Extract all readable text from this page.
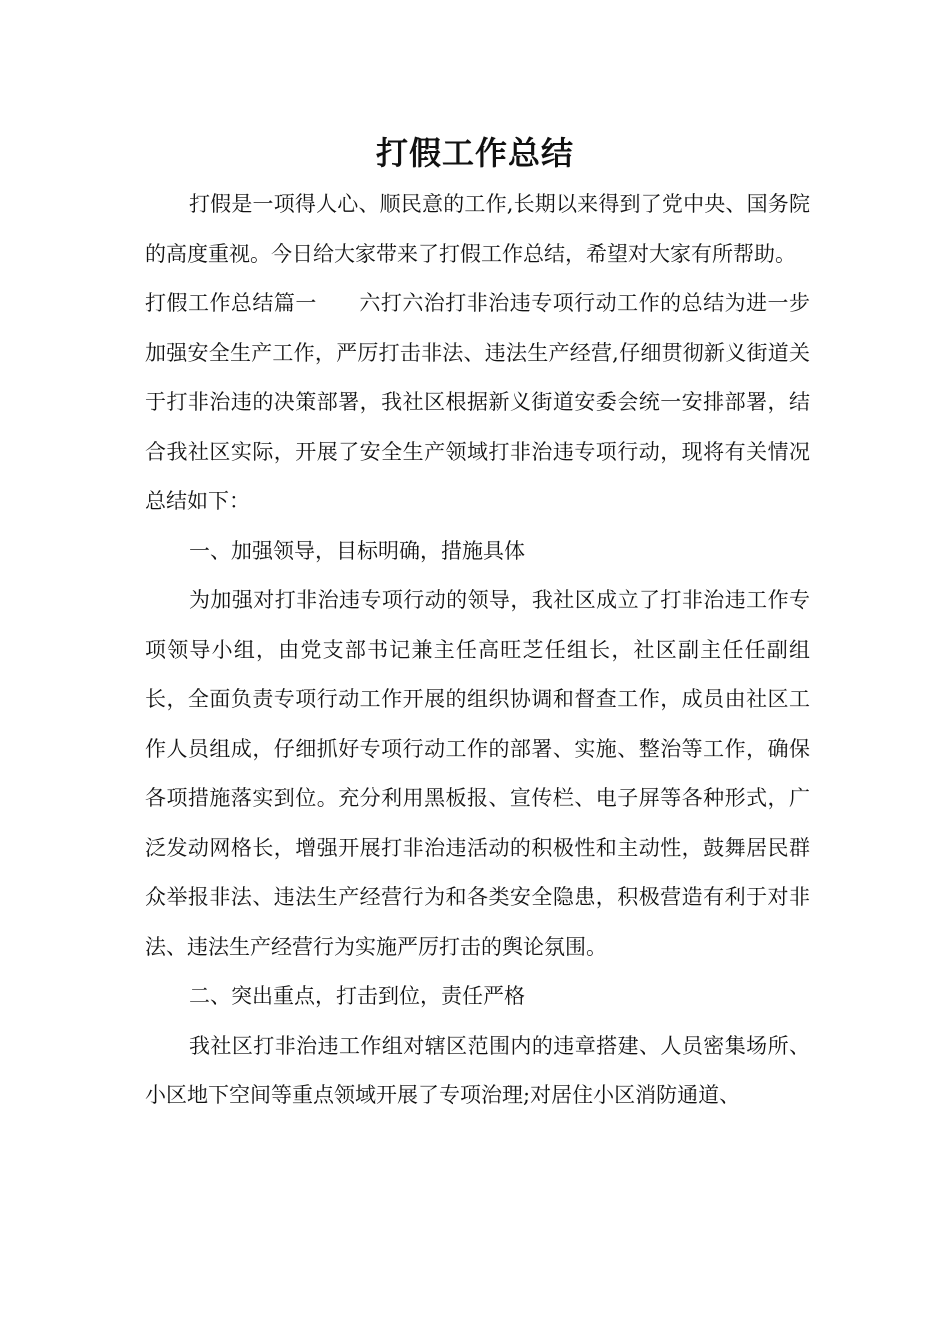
打假工作总结

打假是一项得人心、顺民意的工作,长期以来得到了党中央、国务院的高度重视。今日给大家带来了打假工作总结，希望对大家有所帮助。

打假工作总结篇一 六打六治打非治违专项行动工作的总结为进一步加强安全生产工作，严厉打击非法、违法生产经营,仔细贯彻新义街道关于打非治违的决策部署，我社区根据新义街道安委会统一安排部署，结合我社区实际，开展了安全生产领域打非治违专项行动，现将有关情况总结如下：

一、加强领导，目标明确，措施具体

为加强对打非治违专项行动的领导，我社区成立了打非治违工作专项领导小组，由党支部书记兼主任高旺芝任组长，社区副主任任副组长，全面负责专项行动工作开展的组织协调和督查工作，成员由社区工作人员组成，仔细抓好专项行动工作的部署、实施、整治等工作，确保各项措施落实到位。充分利用黑板报、宣传栏、电子屏等各种形式，广泛发动网格长，增强开展打非治违活动的积极性和主动性，鼓舞居民群众举报非法、违法生产经营行为和各类安全隐患，积极营造有利于对非法、违法生产经营行为实施严厉打击的舆论氛围。

二、突出重点，打击到位，责任严格

我社区打非治违工作组对辖区范围内的违章搭建、人员密集场所、小区地下空间等重点领域开展了专项治理;对居住小区消防通道、
